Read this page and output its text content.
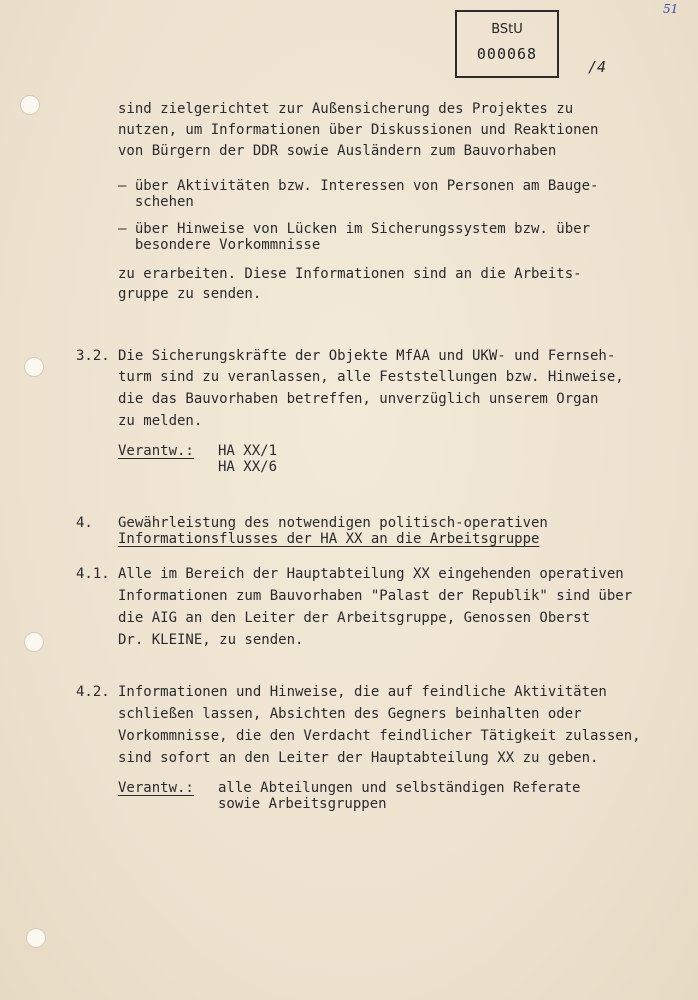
51
BStU
000068
/4
sind zielgerichtet zur Außensicherung des Projektes zu
nutzen, um Informationen über Diskussionen und Reaktionen
von Bürgern der DDR sowie Ausländern zum Bauvorhaben
– über Aktivitäten bzw. Interessen von Personen am Bauge-
schehen
– über Hinweise von Lücken im Sicherungssystem bzw. über
besondere Vorkommnisse
zu erarbeiten. Diese Informationen sind an die Arbeits-
gruppe zu senden.
3.2. Die Sicherungskräfte der Objekte MfAA und UKW- und Fernseh-
turm sind zu veranlassen, alle Feststellungen bzw. Hinweise,
die das Bauvorhaben betreffen, unverzüglich unserem Organ
zu melden.
Verantw.: HA XX/1
HA XX/6
4. Gewährleistung des notwendigen politisch-operativen
Informationsflusses der HA XX an die Arbeitsgruppe
4.1. Alle im Bereich der Hauptabteilung XX eingehenden operativen
Informationen zum Bauvorhaben "Palast der Republik" sind über
die AIG an den Leiter der Arbeitsgruppe, Genossen Oberst
Dr. KLEINE, zu senden.
4.2. Informationen und Hinweise, die auf feindliche Aktivitäten
schließen lassen, Absichten des Gegners beinhalten oder
Vorkommnisse, die den Verdacht feindlicher Tätigkeit zulassen,
sind sofort an den Leiter der Hauptabteilung XX zu geben.
Verantw.: alle Abteilungen und selbständigen Referate
sowie Arbeitsgruppen
